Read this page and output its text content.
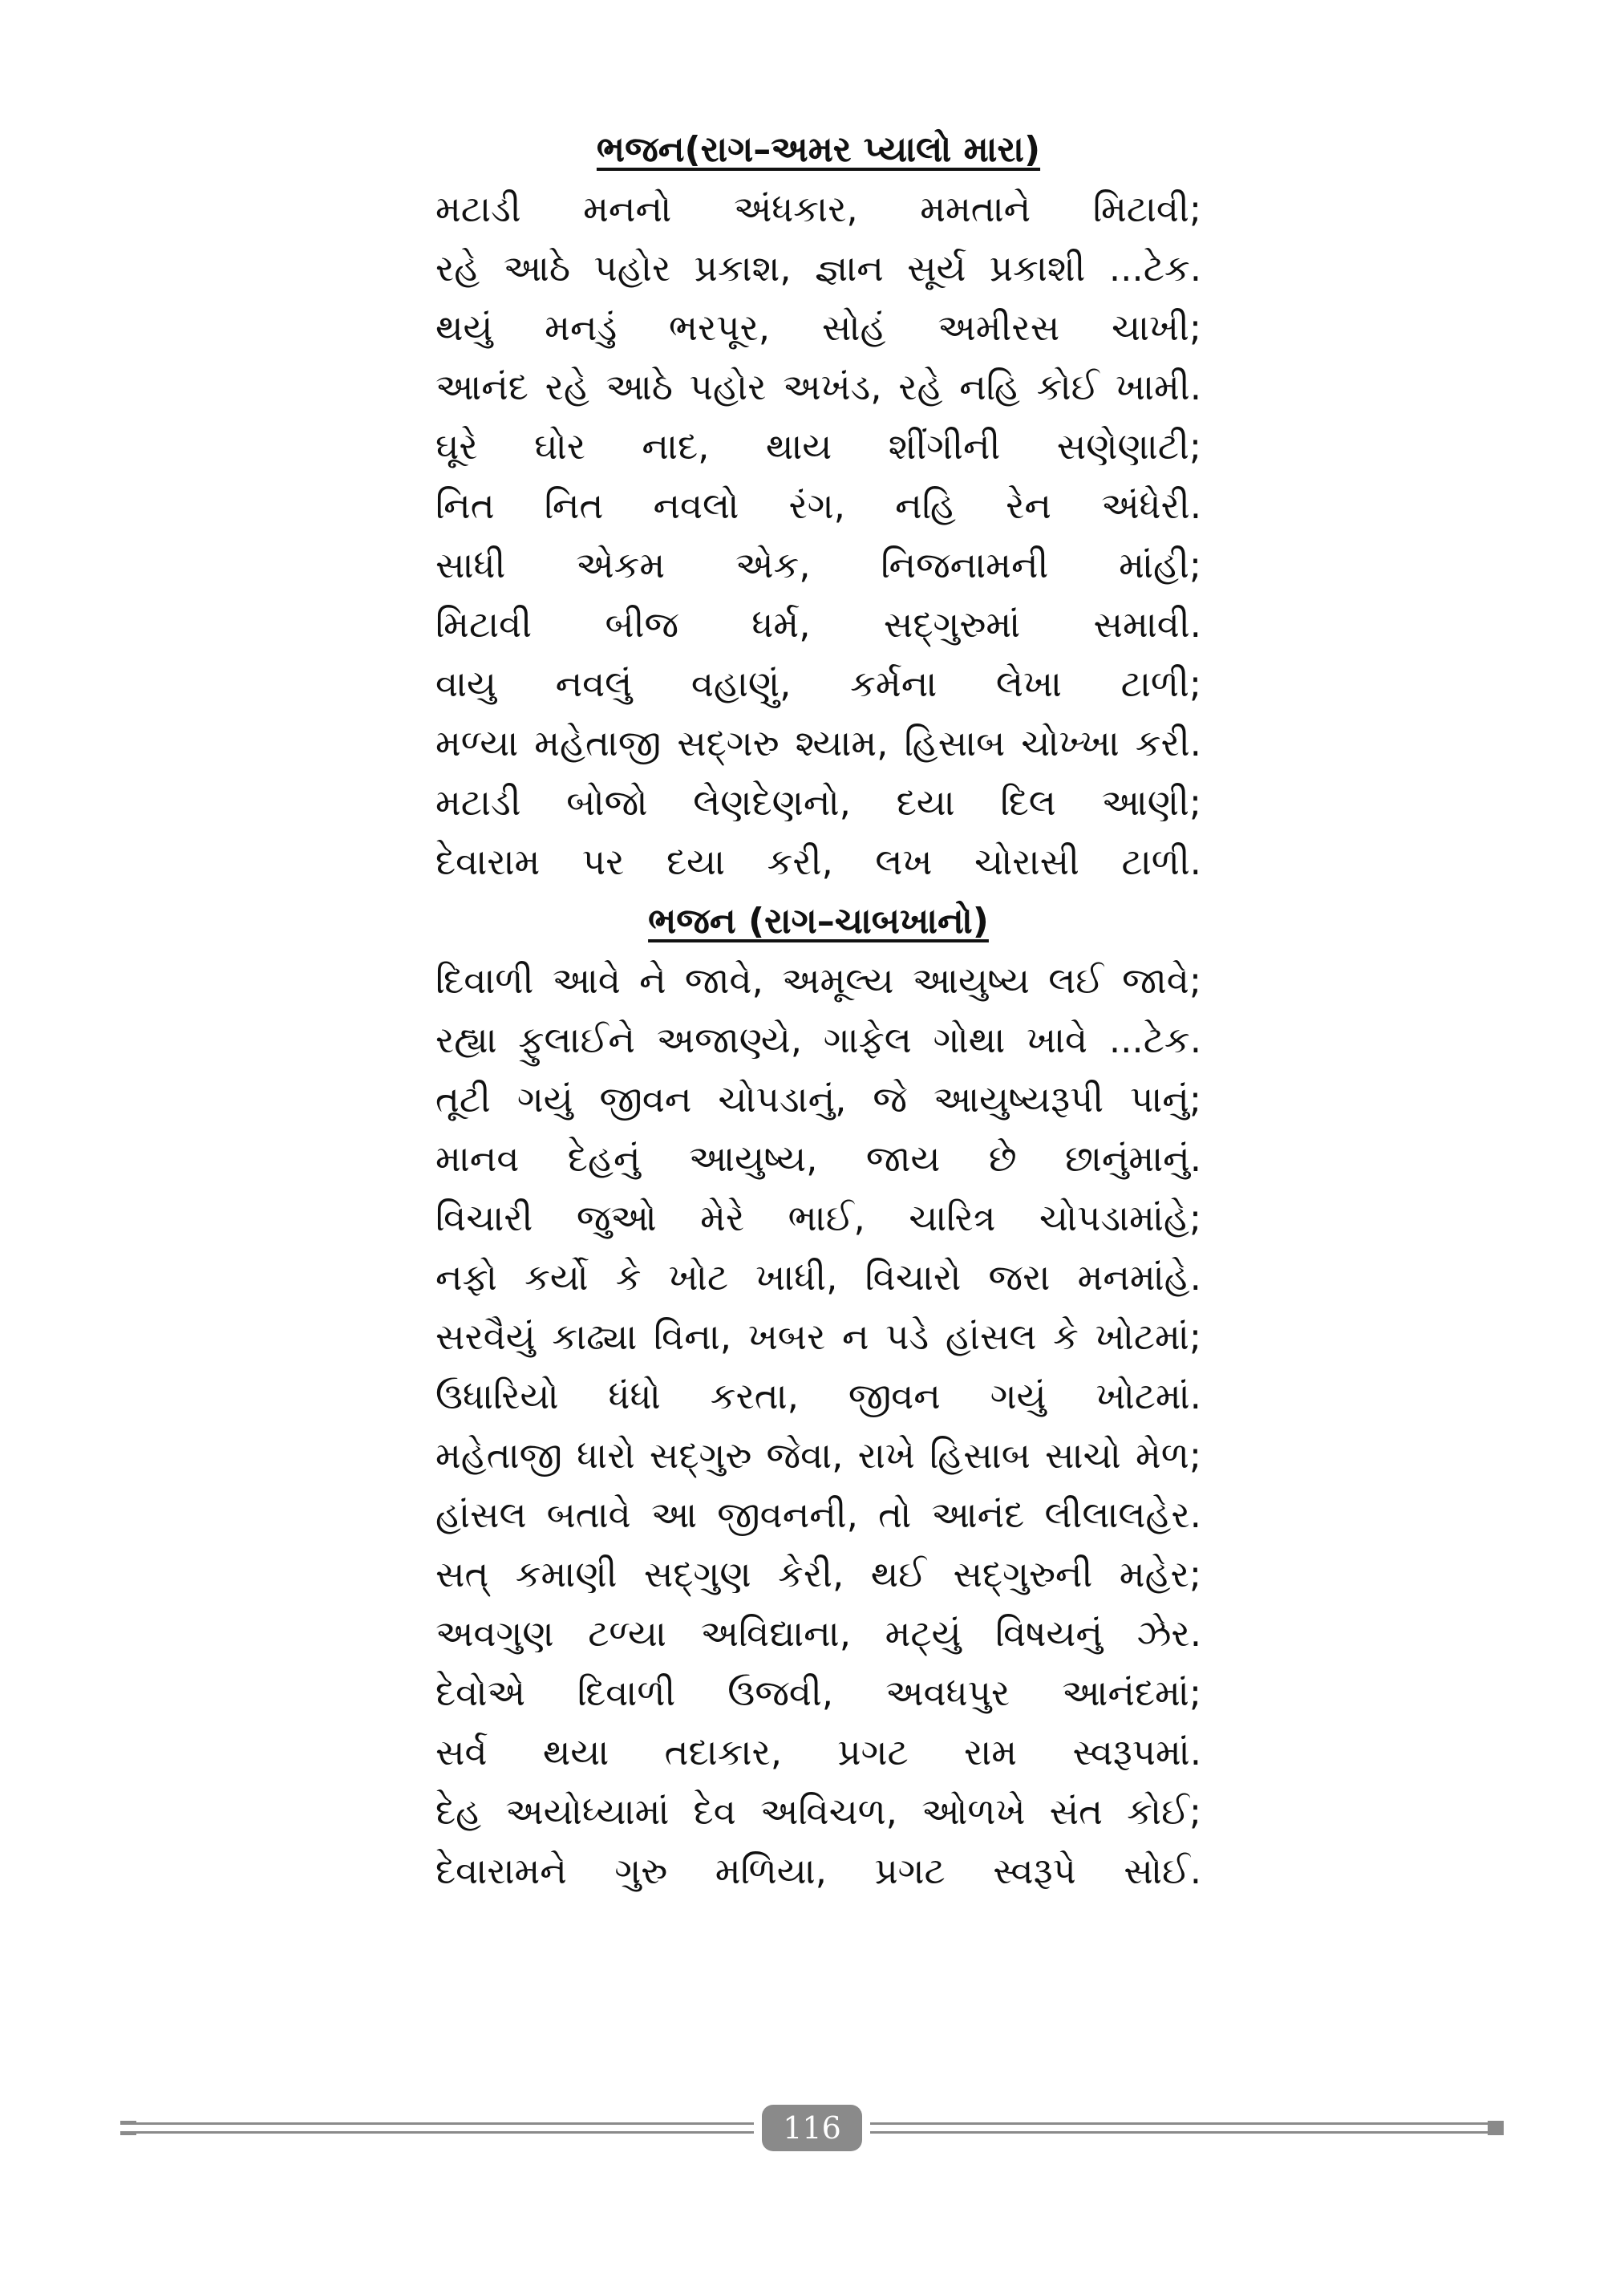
ભજન(રાગ–અમર પ્યાલો મારા)
મટાડી મનનો અંધકાર, મમતાને મિટાવી;
રહે આઠે પહોર પ્રકાશ, જ્ઞાન સૂર્ય પ્રકાશી ...ટેક.
થયું મનડું ભરપૂર, સોહં અમીરસ ચાખી;
આનંદ રહે આઠે પહોર અખંડ, રહે નહિ કોઈ ખામી.
ઘૂરે ઘોર નાદ, થાય શીંગીની સણેણાટી;
નિત નિત નવલો રંગ, નહિ રેન અંધેરી.
સાધી એકમ એક, નિજનામની માંહી;
મિટાવી બીજ ધર્મ, સદ્‌ગુરુમાં સમાવી.
વાયુ નવલું વહાણું, કર્મના લેખા ટાળી;
મળ્યા મહેતાજી સદ્‌ગરુ શ્યામ, હિસાબ ચોખ્ખા કરી.
મટાડી બોજો લેણદેણનો, દયા દિલ આણી;
દેવારામ પર દયા કરી, લખ ચોરાસી ટાળી.
ભજન (રાગ–ચાબખાનો)
દિવાળી આવે ને જાવે, અમૂલ્ય આયુષ્ય લઈ જાવે;
રહ્યા ફુલાઈને અજાણ્યે, ગાફેલ ગોથા ખાવે ...ટેક.
તૂટી ગયું જીવન ચોપડાનું, જે આયુષ્યરૂપી પાનું;
માનવ દેહનું આયુષ્ય, જાય છે છાનુંમાનું.
વિચારી જુઓ મેરે ભાઈ, ચારિત્ર ચોપડામાંહે;
નફો કર્યો કે ખોટ ખાધી, વિચારો જરા મનમાંહે.
સરવૈયું કાઢ્યા વિના, ખબર ન પડે હાંસલ કે ખોટમાં;
ઉધારિયો ધંધો કરતા, જીવન ગયું ખોટમાં.
મહેતાજી ધારો સદ્‌ગુરુ જેવા, રાખે હિસાબ સાચો મેળ;
હાંસલ બતાવે આ જીવનની, તો આનંદ લીલાલહેર.
સત્ કમાણી સદ્‌ગુણ કેરી, થઈ સદ્‌ગુરુની મહેર;
અવગુણ ટળ્યા અવિદ્યાના, મટ્યું વિષયનું ઝેર.
દેવોએ દિવાળી ઉજવી, અવધપુર આનંદમાં;
સર્વ થયા તદાકાર, પ્રગટ રામ સ્વરૂપમાં.
દેહ અયોધ્યામાં દેવ અવિચળ, ઓળખે સંત કોઈ;
દેવારામને ગુરુ મળિયા, પ્રગટ સ્વરૂપે સોઈ.
116
